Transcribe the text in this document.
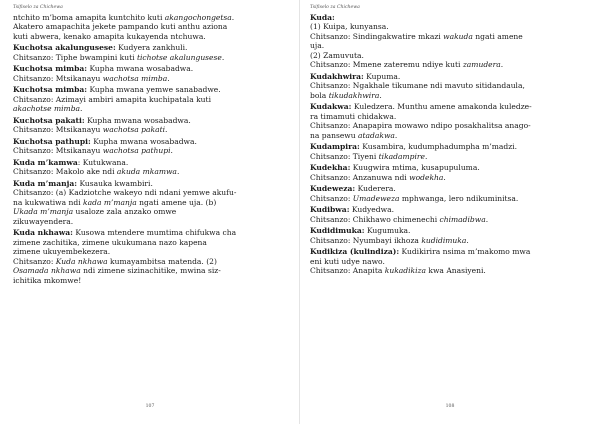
Tsifiselo za Chichewa
ntchito m’boma amapita kuntchito kuti akangochongetsa.
Akatero amapachita jekete pampando kuti anthu aziona
kuti abwera, kenako amapita kukayenda ntchuwa.
Kuchotsa akalungusese: Kudyera zankhuli.
Chitsanzo: Tiphe bwampini kuti tichotse akalungusese.
Kuchotsa mimba: Kupha mwana wosabadwa.
Chitsanzo: Mtsikanayu wachotsa mimba.
Kuchotsa mimba: Kupha mwana yemwe sanabadwe.
Chitsanzo: Azimayi ambiri amapita kuchipatala kuti
akachotse mimba.
Kuchotsa pakati: Kupha mwana wosabadwa.
Chitsanzo: Mtsikanayu wachotsa pakati.
Kuchotsa pathupi: Kupha mwana wosabadwa.
Chitsanzo: Mtsikanayu wachotsa pathupi.
Kuda m’kamwa: Kutukwana.
Chitsanzo: Makolo ake ndi akuda mkamwa.
Kuda m’manja: Kusauka kwambiri.
Chitsanzo: (a) Kadziotche wakeyo ndi ndani yemwe akufu-
na kukwatiwa ndi kada m’manja ngati amene uja. (b)
Ukada m’manja usaloze zala anzako omwe
zikuwayendera.
Kuda nkhawa: Kusowa mtendere mumtima chifukwa cha
zimene zachitika, zimene ukukumana nazo kapena
zimene ukuyembekezera.
Chitsanzo: Kuda nkhawa kumayambitsa matenda. (2)
Osamada nkhawa ndi zimene sizinachitike, mwina siz-
ichitika mkomwe!
107
Tsifiselo za Chichewa
Kuda:
(1) Kuipa, kunyansa.
Chitsanzo: Sindingakwatire mkazi wakuda ngati amene
uja.
(2) Zamuvuta.
Chitsanzo: Mmene zateremu ndiye kuti zamudera.
Kudakhwira: Kupuma.
Chitsanzo: Ngakhale tikumane ndi mavuto sitidandaula,
bola tikudakhwira.
Kudakwa: Kuledzera. Munthu amene amakonda kuledze-
ra timamuti chidakwa.
Chitsanzo: Anapapira mowawo ndipo posakhalitsa anago-
na pansewu atadakwa.
Kudampira: Kusambira, kudumphadumpha m’madzi.
Chitsanzo: Tiyeni tikadampire.
Kudekha: Kuugwira mtima, kusapupuluma.
Chitsanzo: Anzanuwa ndi wodekha.
Kudeweza: Kuderera.
Chitsanzo: Umadeweza mphwanga, lero ndikuminitsa.
Kudibwa: Kudyedwa.
Chitsanzo: Chikhawo chimenechi chimadibwa.
Kudidimuka: Kugumuka.
Chitsanzo: Nyumbayi ikhoza kudidimuka.
Kudikiza (kulindiza): Kudikirira nsima m’makomo mwa
eni kuti udye nawo.
Chitsanzo: Anapita kukadikiza kwa Anasiyeni.
108
